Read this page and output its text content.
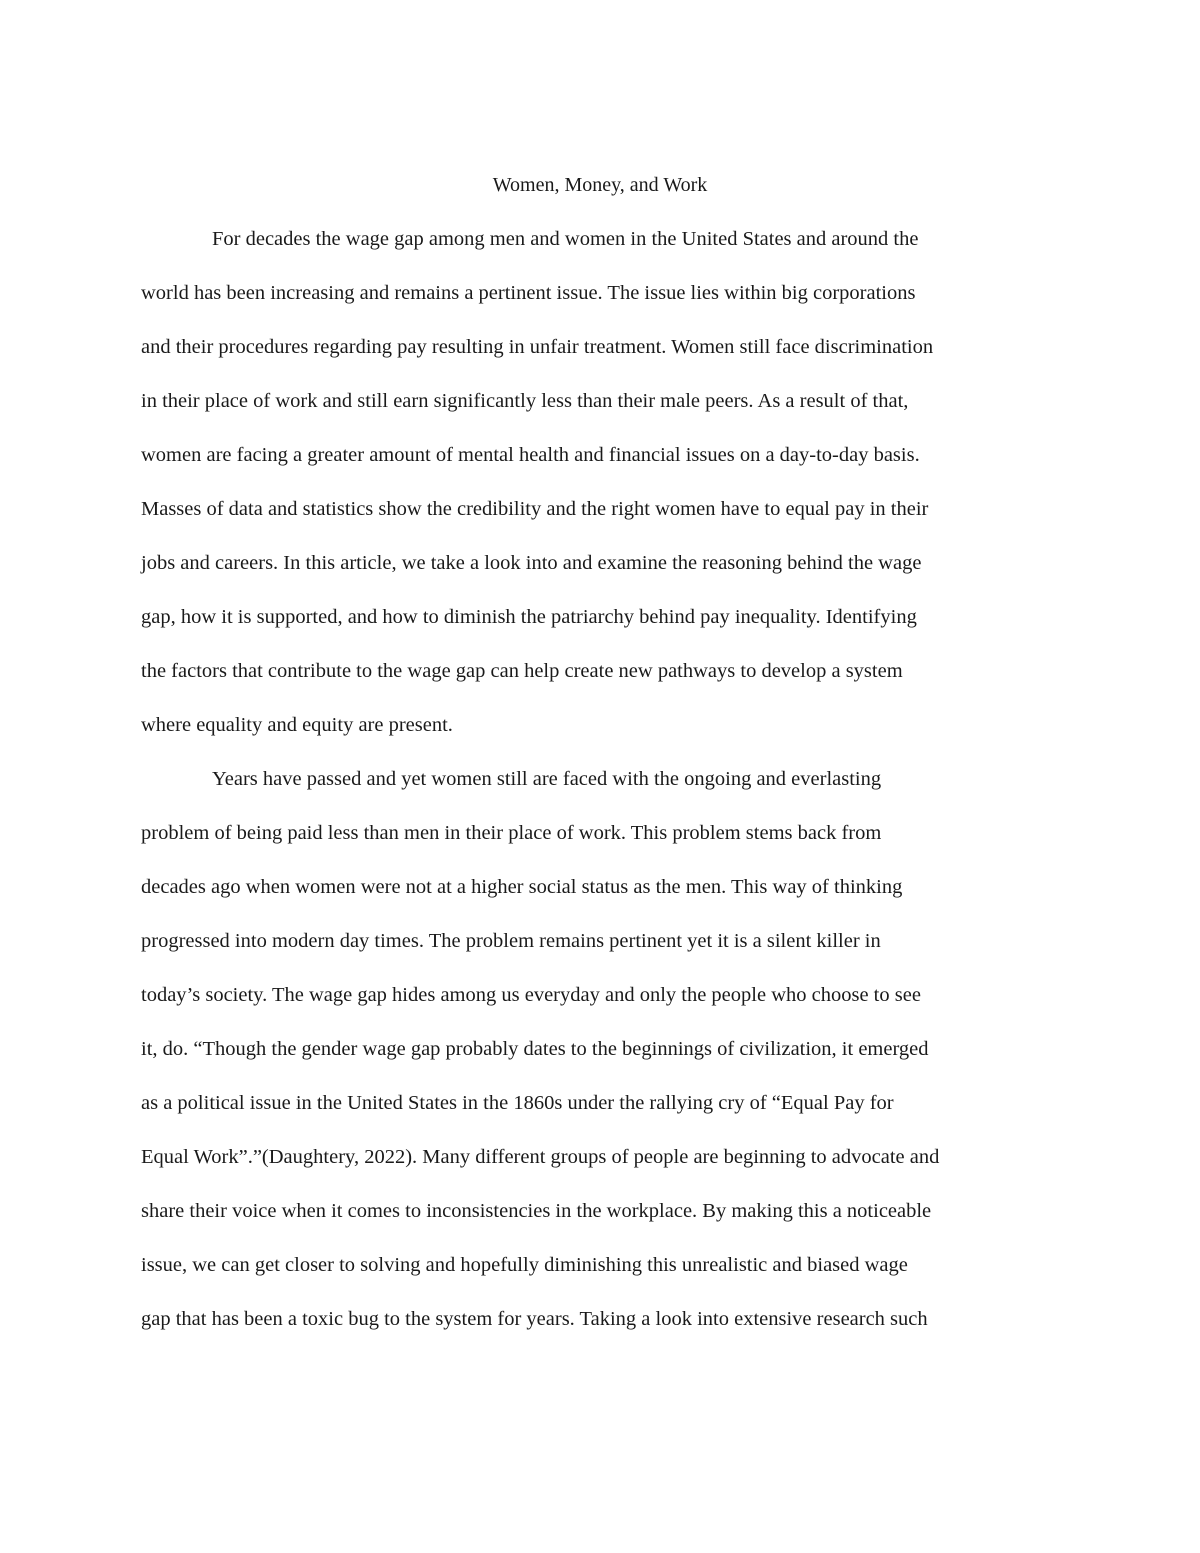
Women, Money, and Work

For decades the wage gap among men and women in the United States and around the
world has been increasing and remains a pertinent issue. The issue lies within big corporations
and their procedures regarding pay resulting in unfair treatment. Women still face discrimination
in their place of work and still earn significantly less than their male peers. As a result of that,
women are facing a greater amount of mental health and financial issues on a day-to-day basis.
Masses of data and statistics show the credibility and the right women have to equal pay in their
jobs and careers. In this article, we take a look into and examine the reasoning behind the wage
gap, how it is supported, and how to diminish the patriarchy behind pay inequality. Identifying
the factors that contribute to the wage gap can help create new pathways to develop a system
where equality and equity are present.

Years have passed and yet women still are faced with the ongoing and everlasting
problem of being paid less than men in their place of work. This problem stems back from
decades ago when women were not at a higher social status as the men. This way of thinking
progressed into modern day times. The problem remains pertinent yet it is a silent killer in
today’s society. The wage gap hides among us everyday and only the people who choose to see
it, do. “Though the gender wage gap probably dates to the beginnings of civilization, it emerged
as a political issue in the United States in the 1860s under the rallying cry of “Equal Pay for
Equal Work”.”(Daughtery, 2022). Many different groups of people are beginning to advocate and
share their voice when it comes to inconsistencies in the workplace. By making this a noticeable
issue, we can get closer to solving and hopefully diminishing this unrealistic and biased wage
gap that has been a toxic bug to the system for years. Taking a look into extensive research such
